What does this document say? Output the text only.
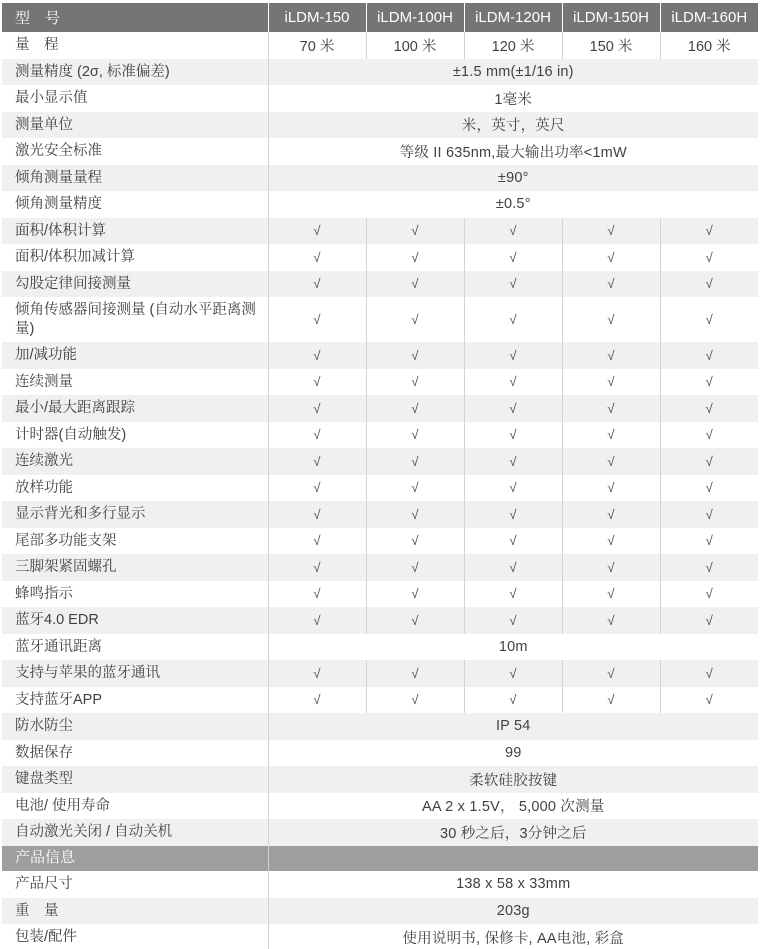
型　号	iLDM-150	iLDM-100H	iLDM-120H	iLDM-150H	iLDM-160H
量　程	70 米	100 米	120 米	150 米	160 米
测量精度 (2σ, 标准偏差)	±1.5 mm(±1/16 in)				
最小显示值	1毫米				
测量单位	米，英寸，英尺				
激光安全标准	等级 II 635nm,最大输出功率<1mW				
倾角测量量程	±90°				
倾角测量精度	±0.5°				
面积/体积计算	√	√	√	√	√
面积/体积加减计算	√	√	√	√	√
勾股定律间接测量	√	√	√	√	√
倾角传感器间接测量 (自动水平距离测量)	√	√	√	√	√
加/减功能	√	√	√	√	√
连续测量	√	√	√	√	√
最小/最大距离跟踪	√	√	√	√	√
计时器(自动触发)	√	√	√	√	√
连续激光	√	√	√	√	√
放样功能	√	√	√	√	√
显示背光和多行显示	√	√	√	√	√
尾部多功能支架	√	√	√	√	√
三脚架紧固螺孔	√	√	√	√	√
蜂鸣指示	√	√	√	√	√
蓝牙4.0 EDR	√	√	√	√	√
蓝牙通讯距离	10m				
支持与苹果的蓝牙通讯	√	√	√	√	√
支持蓝牙APP	√	√	√	√	√
防水防尘	IP 54				
数据保存	99				
键盘类型	柔软硅胶按键				
电池/ 使用寿命	AA 2 x 1.5V， 5,000 次测量				
自动激光关闭 / 自动关机	30 秒之后，3分钟之后				
产品信息					
产品尺寸	138 x 58 x 33mm				
重　量	203g				
包装/配件	使用说明书, 保修卡, AA电池, 彩盒				
